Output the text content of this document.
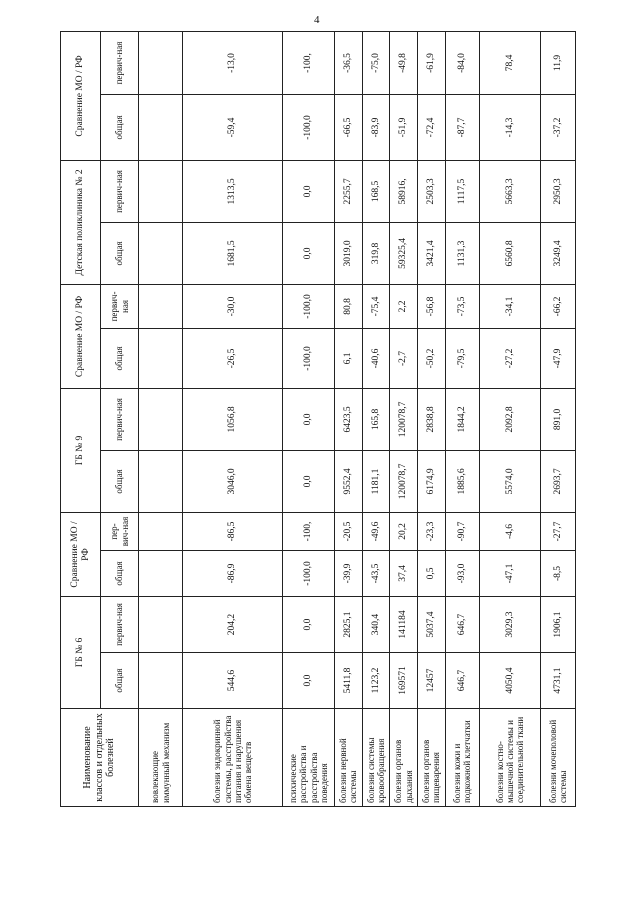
4
Наименование классов и отдельных болезней	ГБ № 6		Сравнение МО / РФ		ГБ № 9		Сравнение МО / РФ		Детская поликлиника № 2		Сравнение МО / РФ	
	общая	первич-ная	общая	пер-вич-ная	общая	первич-ная	общая	первич-ная	общая	первич-ная	общая	первич-ная
вовлекающие иммунный механизм												
болезни эндокринной системы, расстройства питания и нарушения обмена веществ	544,6	204,2	-86,9	-86,5	3046,0	1056,8	-26,5	-30,0	1681,5	1313,5	-59,4	-13,0
психические расстройства и расстройства поведения	0,0	0,0	-100,0	-100,	0,0	0,0	-100,0	-100,0	0,0	0,0	-100,0	-100,
болезни нервной системы	5411,8	2825,1	-39,9	-20,5	9552,4	6423,5	6,1	80,8	3019,0	2255,7	-66,5	-36,5
болезни системы кровообращения	1123,2	340,4	-43,5	-49,6	1181,1	165,8	-40,6	-75,4	319,8	168,5	-83,9	-75,0
болезни органов дыхания	169571	141184	37,4	20,2	120078,7	120078,7	-2,7	2,2	59325,4	58916,	-51,9	-49,8
болезни органов пищеварения	12457	5037,4	0,5	-23,3	6174,9	2838,8	-50,2	-56,8	3421,4	2503,3	-72,4	-61,9
болезни кожи и подкожной клетчатки	646,7	646,7	-93,0	-90,7	1885,6	1844,2	-79,5	-73,5	1131,3	1117,5	-87,7	-84,0
болезни костно-мышечной системы и соединительной ткани	4050,4	3029,3	-47,1	-4,6	5574,0	2092,8	-27,2	-34,1	6560,8	5663,3	-14,3	78,4
болезни мочеполовой системы	4731,1	1906,1	-8,5	-27,7	2693,7	891,0	-47,9	-66,2	3249,4	2950,3	-37,2	11,9
